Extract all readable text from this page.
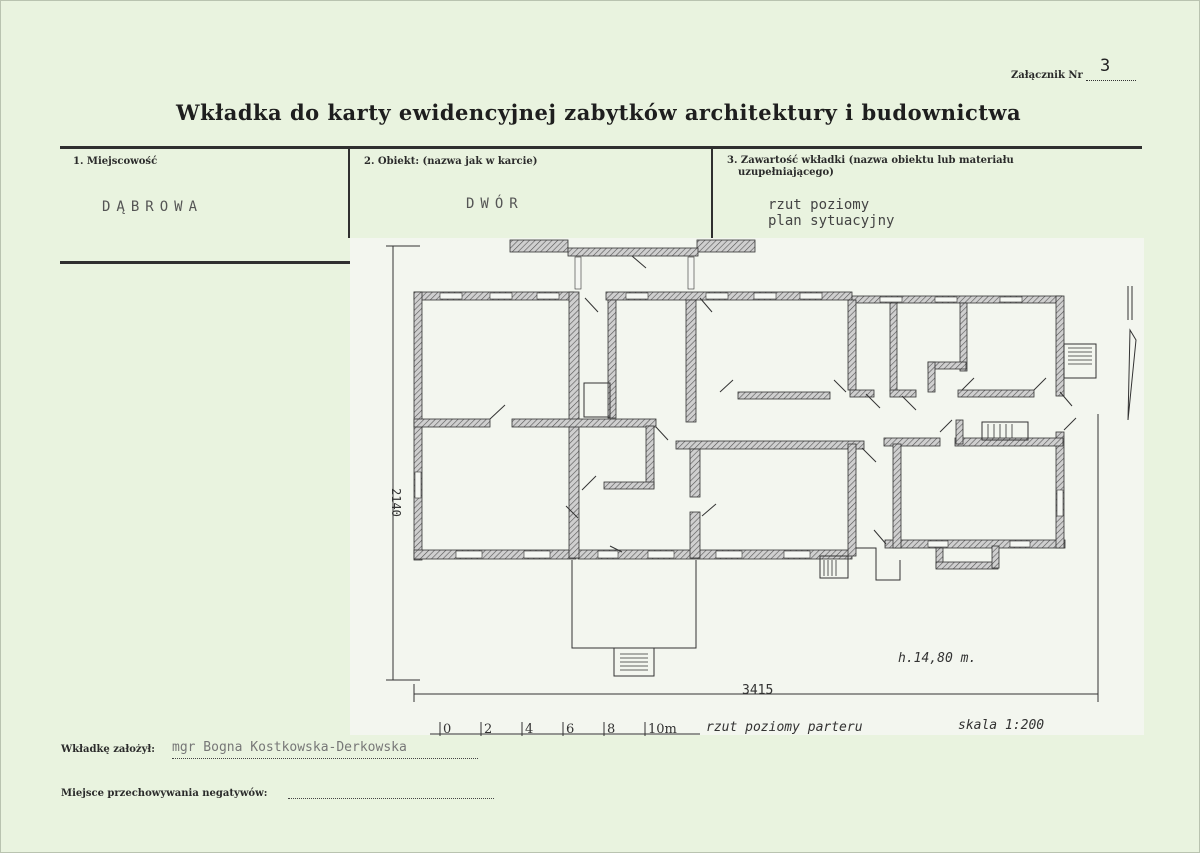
Załącznik Nr	3
Wkładka do karty ewidencyjnej zabytków architektury i budownictwa
1. Miejscowość
DĄBROWA
2. Obiekt: (nazwa jak w karcie)
DWÓR
3. Zawartość wkładki (nazwa obiektu lub materiału
uzupełniającego)
rzut poziomy
plan sytuacyjny
2140
3415
h.14,80 m.
0	2	4	6	8	10m rzut poziomy parteru	skala 1:200
Wkładkę założył: mgr Bogna Kostkowska-Derkowska
Miejsce przechowywania negatywów:
